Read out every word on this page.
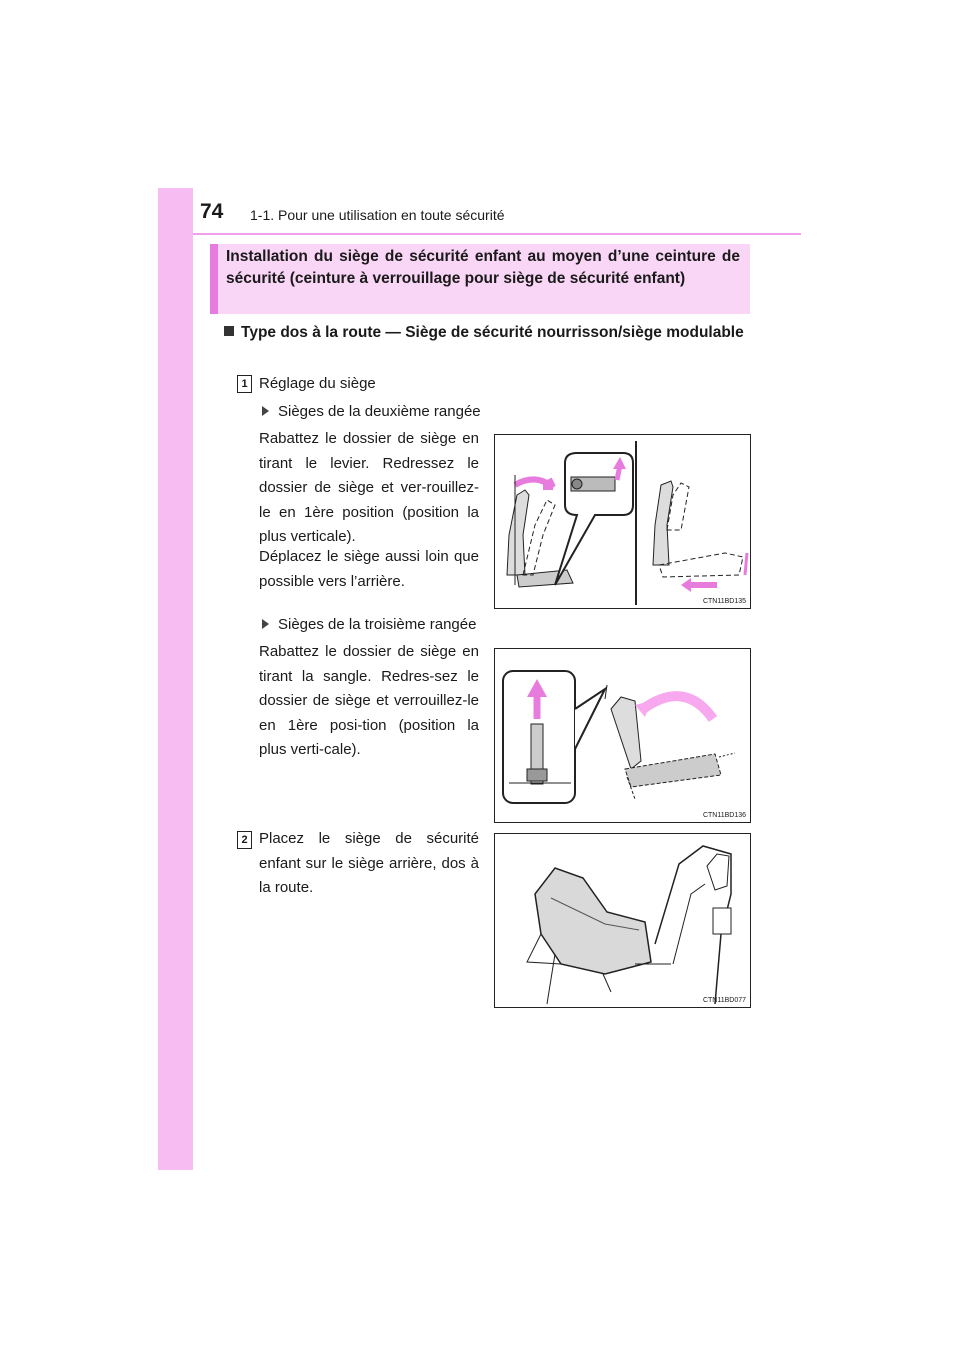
74 1-1. Pour une utilisation en toute sécurité

Installation du siège de sécurité enfant au moyen d’une ceinture de sécurité (ceinture à verrouillage pour siège de sécurité enfant)

Type dos à la route — Siège de sécurité nourrisson/siège modulable
1 Réglage du siège
Sièges de la deuxième rangée

Rabattez le dossier de siège en tirant le levier. Redressez le dossier de siège et ver-rouillez-le en 1ère position (position la plus verticale).

Déplacez le siège aussi loin que possible vers l’arrière.

CTN11BD135
Sièges de la troisième rangée

Rabattez le dossier de siège en tirant la sangle. Redres-sez le dossier de siège et verrouillez-le en 1ère posi-tion (position la plus verti-cale).

CTN11BD136
2 Placez le siège de sécurité enfant sur le siège arrière, dos à la route.

CTN11BD077
